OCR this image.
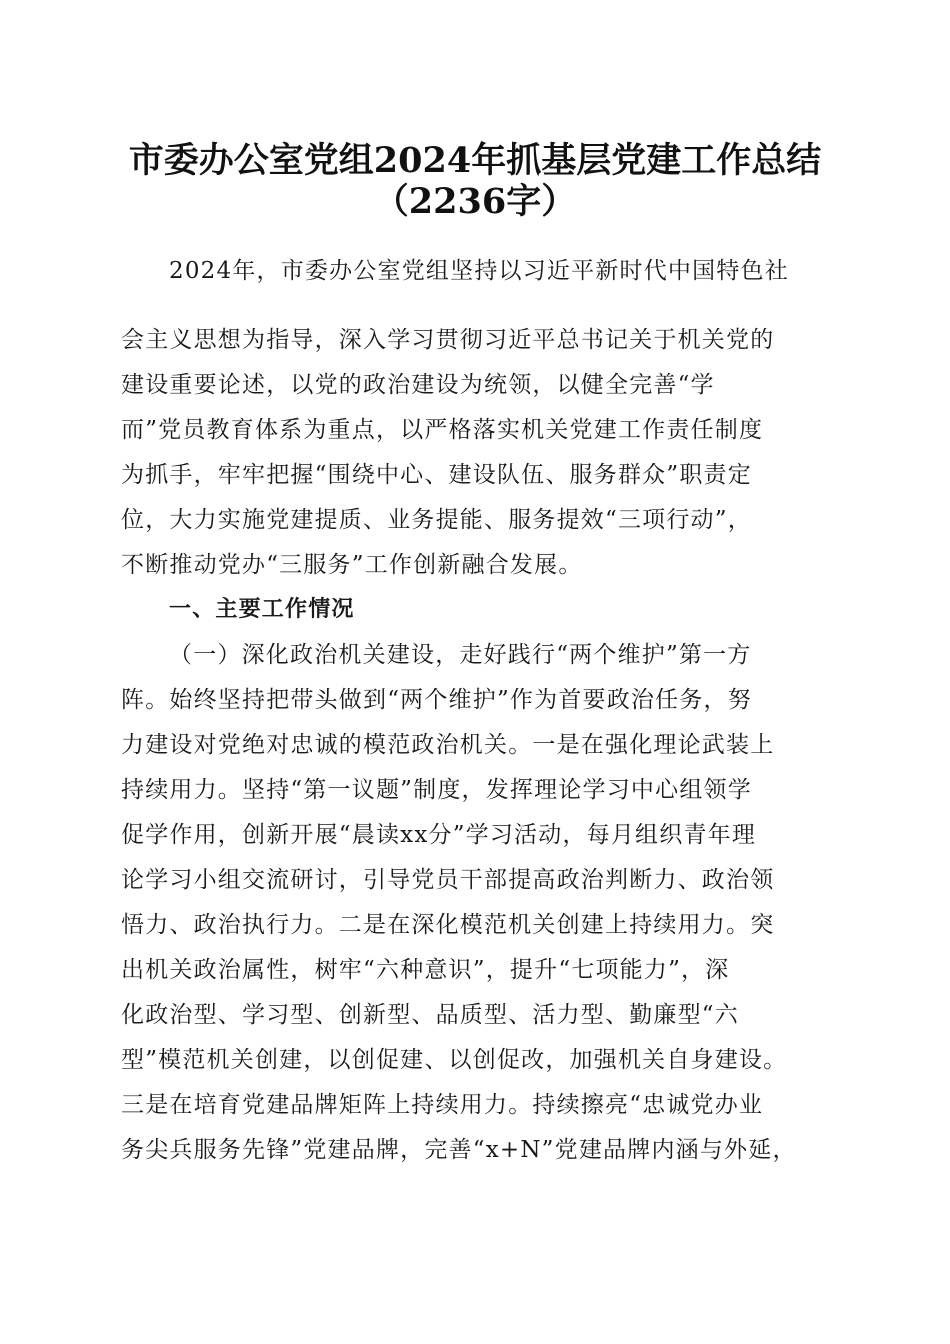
市委办公室党组2024年抓基层党建工作总结
（2236字）
2024年，市委办公室党组坚持以习近平新时代中国特色社
会主义思想为指导，深入学习贯彻习近平总书记关于机关党的
建设重要论述，以党的政治建设为统领，以健全完善“学
而”党员教育体系为重点，以严格落实机关党建工作责任制度
为抓手，牢牢把握“围绕中心、建设队伍、服务群众”职责定
位，大力实施党建提质、业务提能、服务提效“三项行动”，
不断推动党办“三服务”工作创新融合发展。
一、主要工作情况
（一）深化政治机关建设，走好践行“两个维护”第一方
阵。始终坚持把带头做到“两个维护”作为首要政治任务，努
力建设对党绝对忠诚的模范政治机关。一是在强化理论武装上
持续用力。坚持“第一议题”制度，发挥理论学习中心组领学
促学作用，创新开展“晨读xx分”学习活动，每月组织青年理
论学习小组交流研讨，引导党员干部提高政治判断力、政治领
悟力、政治执行力。二是在深化模范机关创建上持续用力。突
出机关政治属性，树牢“六种意识”，提升“七项能力”，深
化政治型、学习型、创新型、品质型、活力型、勤廉型“六
型”模范机关创建，以创促建、以创促改，加强机关自身建设。
三是在培育党建品牌矩阵上持续用力。持续擦亮“忠诚党办业
务尖兵服务先锋”党建品牌，完善“x+N”党建品牌内涵与外延，
